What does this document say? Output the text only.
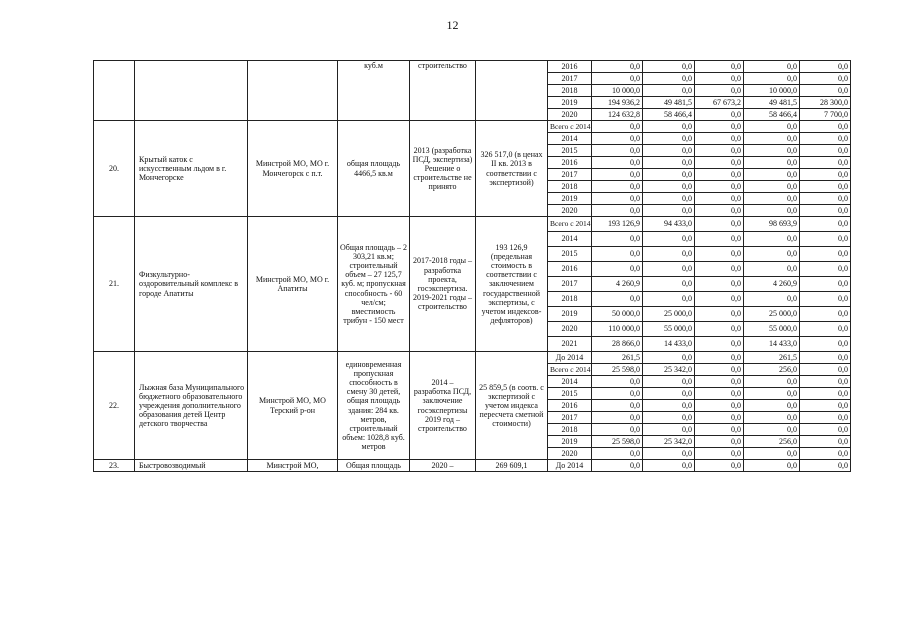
12
			куб.м	строительство		2016	0,0	0,0	0,0	0,0	0,0
						2017	0,0	0,0	0,0	0,0	0,0
						2018	10 000,0	0,0	0,0	10 000,0	0,0
						2019	194 936,2	49 481,5	67 673,2	49 481,5	28 300,0
						2020	124 632,8	58 466,4	0,0	58 466,4	7 700,0
20.	Крытый каток с искусственным льдом в г. Мончегорске	Минстрой МО, МО г. Мончегорск с п.т.	общая площадь 4466,5 кв.м	2013 (разработка ПСД, экспертиза) Решение о строительстве не принято	326 517,0 (в ценах II кв. 2013 в соответствии с экспертизой)	Всего с 2014	0,0	0,0	0,0	0,0	0,0
						2014	0,0	0,0	0,0	0,0	0,0
						2015	0,0	0,0	0,0	0,0	0,0
						2016	0,0	0,0	0,0	0,0	0,0
						2017	0,0	0,0	0,0	0,0	0,0
						2018	0,0	0,0	0,0	0,0	0,0
						2019	0,0	0,0	0,0	0,0	0,0
						2020	0,0	0,0	0,0	0,0	0,0
21.	Физкультурно-оздоровительный комплекс в городе Апатиты	Минстрой МО, МО г. Апатиты	Общая площадь – 2 303,21 кв.м; строительный объем – 27 125,7 куб. м; пропускная способность - 60 чел/см; вместимость трибун - 150 мест	2017-2018 годы – разработка проекта, госэкспертиза. 2019-2021 годы – строительство	193 126,9 (предельная стоимость в соответствии с заключением государственной экспертизы, с учетом индексов-дефляторов)	Всего с 2014	193 126,9	94 433,0	0,0	98 693,9	0,0
						2014	0,0	0,0	0,0	0,0	0,0
						2015	0,0	0,0	0,0	0,0	0,0
						2016	0,0	0,0	0,0	0,0	0,0
						2017	4 260,9	0,0	0,0	4 260,9	0,0
						2018	0,0	0,0	0,0	0,0	0,0
						2019	50 000,0	25 000,0	0,0	25 000,0	0,0
						2020	110 000,0	55 000,0	0,0	55 000,0	0,0
						2021	28 866,0	14 433,0	0,0	14 433,0	0,0
22.	Лыжная база Муниципального бюджетного образовательного учреждения дополнительного образования детей Центр детского творчества	Минстрой МО, МО Терский р-он	единовременная пропускная способность в смену 30 детей, общая площадь здания: 284 кв. метров, строительный объем: 1028,8 куб. метров	2014 – разработка ПСД, заключение госэкспертизы 2019 год – строительство	25 859,5 (в соотв. с экспертизой с учетом индекса пересчета сметной стоимости)	До 2014	261,5	0,0	0,0	261,5	0,0
						Всего с 2014	25 598,0	25 342,0	0,0	256,0	0,0
						2014	0,0	0,0	0,0	0,0	0,0
						2015	0,0	0,0	0,0	0,0	0,0
						2016	0,0	0,0	0,0	0,0	0,0
						2017	0,0	0,0	0,0	0,0	0,0
						2018	0,0	0,0	0,0	0,0	0,0
						2019	25 598,0	25 342,0	0,0	256,0	0,0
						2020	0,0	0,0	0,0	0,0	0,0
23.	Быстровозводимый	Минстрой МО,	Общая площадь	2020 –	269 609,1	До 2014	0,0	0,0	0,0	0,0	0,0
